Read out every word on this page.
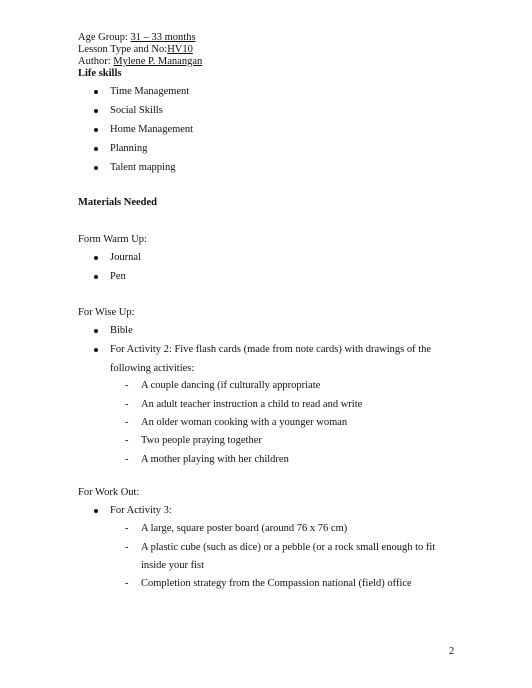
Age Group: 31 – 33 months
Lesson Type and No:HV10
Author: Mylene P. Manangan
Life skills
Time Management
Social Skills
Home Management
Planning
Talent mapping
Materials Needed
Form Warm Up:
Journal
Pen
For Wise Up:
Bible
For Activity 2: Five flash cards (made from note cards) with drawings of the
following activities:
- A couple dancing (if culturally appropriate
- An adult teacher instruction a child to read and write
- An older woman cooking with a younger woman
- Two people praying together
- A mother playing with her children
For Work Out:
For Activity 3:
- A large, square poster board (around 76 x 76 cm)
- A plastic cube (such as dice) or a pebble (or a rock small enough to fit
inside your fist
- Completion strategy from the Compassion national (field) office
2
